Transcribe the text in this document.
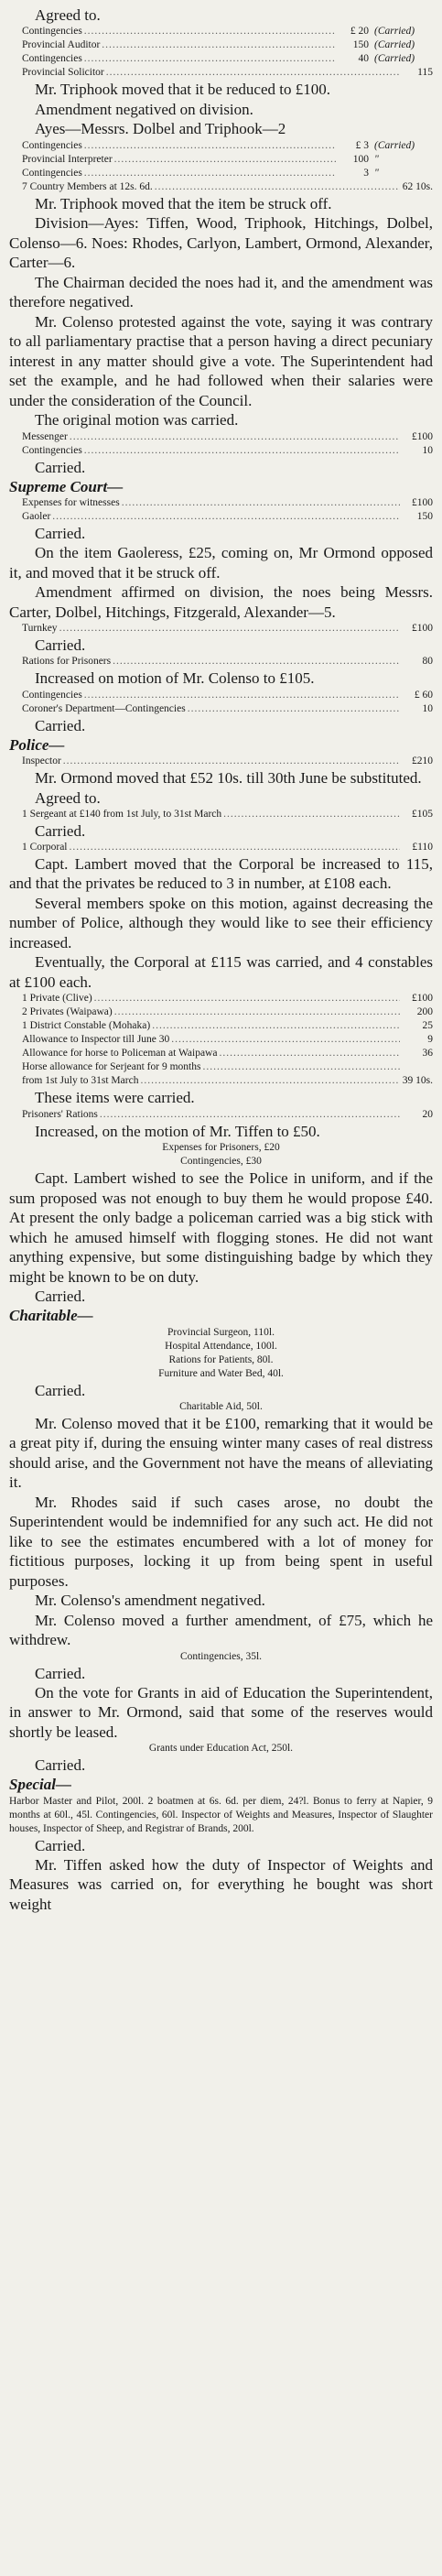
Agreed to.
Contingencies .....	£ 20 (Carried)
Provincial Auditor .....	150 (Carried)
Contingencies .....	40 (Carried)
Provincial Solicitor .....	115

Mr. Triphook moved that it be reduced to £100.

Amendment negatived on division.

Ayes—Messrs. Dolbel and Triphook—2

Contingencies .....	£ 3 (Carried)
Provincial Interpreter .....	100 "
Contingencies .....	3 "
7 Country Members at 12s. 6d. .....	62 10s.

Mr. Triphook moved that the item be struck off.

Division—Ayes: Tiffen, Wood, Triphook, Hitchings, Dolbel, Colenso—6. Noes: Rhodes, Carlyon, Lambert, Ormond, Alexander, Carter—6.

The Chairman decided the noes had it, and the amendment was therefore negatived.

Mr. Colenso protested against the vote, saying it was contrary to all parliamentary practise that a person having a direct pecuniary interest in any matter should give a vote. The Superintendent had set the example, and he had followed when their salaries were under the consideration of the Council.

The original motion was carried.

Messenger .....	£100
Contingencies .....	10
Carried.
Supreme Court—
Expenses for witnesses .....	£100
Gaoler .....	150
Carried.

On the item Gaoleress, £25, coming on, Mr Ormond opposed it, and moved that it be struck off.

Amendment affirmed on division, the noes being Messrs. Carter, Dolbel, Hitchings, Fitzgerald, Alexander—5.

Turnkey .....	£100
Carried.
Rations for Prisoners .....	80

Increased on motion of Mr. Colenso to £105.

Contingencies .....	£ 60
Coroner's Department—Contingencies .....	10
Carried.
Police—
Inspector .....	£210

Mr. Ormond moved that £52 10s. till 30th June be substituted.

Agreed to.
1 Sergeant at £140 from 1st July, to 31st March .....	£105
Carried.
1 Corporal .....	£110

Capt. Lambert moved that the Corporal be increased to 115, and that the privates be reduced to 3 in number, at £108 each.

Several members spoke on this motion, against decreasing the number of Police, although they would like to see their efficiency increased.

Eventually, the Corporal at £115 was carried, and 4 constables at £100 each.

1 Private (Clive) .....	£100
2 Privates (Waipawa) .....	200
1 District Constable (Mohaka) .....	25
Allowance to Inspector till June 30 .....	9
Allowance for horse to Policeman at Waipawa .....	36
Horse allowance for Serjeant for 9 months
.....
from 1st July to 31st March .....	39 10s.

These items were carried.

Prisoners' Rations .....	20

Increased, on the motion of Mr. Tiffen to £50.

Expenses for Prisoners, £20
Contingencies, £30

Capt. Lambert wished to see the Police in uniform, and if the sum proposed was not enough to buy them he would propose £40. At present the only badge a policeman carried was a big stick with which he amused himself with flogging stones. He did not want anything expensive, but some distinguishing badge by which they might be known to be on duty.

Carried.
Charitable—
Provincial Surgeon, 110l.
Hospital Attendance, 100l.
Rations for Patients, 80l.
Furniture and Water Bed, 40l.
Carried.
Charitable Aid, 50l.

Mr. Colenso moved that it be £100, remarking that it would be a great pity if, during the ensuing winter many cases of real distress should arise, and the Government not have the means of alleviating it.

Mr. Rhodes said if such cases arose, no doubt the Superintendent would be indemnified for any such act. He did not like to see the estimates encumbered with a lot of money for fictitious purposes, locking it up from being spent in useful purposes.

Mr. Colenso's amendment negatived.

Mr. Colenso moved a further amendment, of £75, which he withdrew.

Contingencies, 35l.
Carried.

On the vote for Grants in aid of Education the Superintendent, in answer to Mr. Ormond, said that some of the reserves would shortly be leased.

Grants under Education Act, 250l.
Carried.
Special—

Harbor Master and Pilot, 200l. 2 boatmen at 6s. 6d. per diem, 24?l. Bonus to ferry at Napier, 9 months at 60l., 45l. Contingencies, 60l. Inspector of Weights and Measures, Inspector of Slaughter houses, Inspector of Sheep, and Registrar of Brands, 200l.

Carried.

Mr. Tiffen asked how the duty of Inspector of Weights and Measures was carried on, for everything he bought was short weight
